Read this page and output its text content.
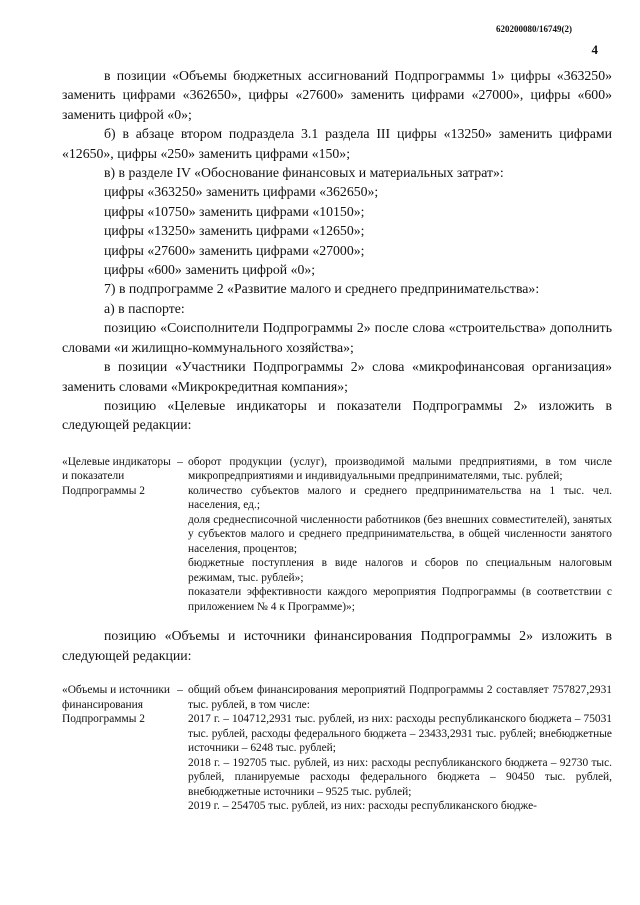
620200080/16749(2)
4

в позиции «Объемы бюджетных ассигнований Подпрограммы 1» цифры «363250» заменить цифрами «362650», цифры «27600» заменить цифрами «27000», цифры «600» заменить цифрой «0»;

б) в абзаце втором подраздела 3.1 раздела III цифры «13250» заменить цифрами «12650», цифры «250» заменить цифрами «150»;

в) в разделе IV «Обоснование финансовых и материальных затрат»:

цифры «363250» заменить цифрами «362650»;

цифры «10750» заменить цифрами «10150»;

цифры «13250» заменить цифрами «12650»;

цифры «27600» заменить цифрами «27000»;

цифры «600» заменить цифрой «0»;

7) в подпрограмме 2 «Развитие малого и среднего предпринимательства»:

а) в паспорте:

позицию «Соисполнители Подпрограммы 2» после слова «строительства» дополнить словами «и жилищно-коммунального хозяйства»;

в позиции «Участники Подпрограммы 2» слова «микрофинансовая организация» заменить словами «Микрокредитная компания»;

позицию «Целевые индикаторы и показатели Подпрограммы 2» изложить в следующей редакции:

«Целевые индикаторы и показатели Подпрограммы 2
– оборот продукции (услуг), производимой малыми предприятиями, в том числе микропредприятиями и индивидуальными предпринимателями, тыс. рублей;
количество субъектов малого и среднего предпринимательства на 1 тыс. чел. населения, ед.;
доля среднесписочной численности работников (без внешних совместителей), занятых у субъектов малого и среднего предпринимательства, в общей численности занятого населения, процентов;
бюджетные поступления в виде налогов и сборов по специальным налоговым режимам, тыс. рублей»;
показатели эффективности каждого мероприятия Подпрограммы (в соответствии с приложением № 4 к Программе)»;

позицию «Объемы и источники финансирования Подпрограммы 2» изложить в следующей редакции:

«Объемы и источники финансирования Подпрограммы 2
– общий объем финансирования мероприятий Подпрограммы 2 составляет 757827,2931 тыс. рублей, в том числе:
2017 г. – 104712,2931 тыс. рублей, из них: расходы республиканского бюджета – 75031 тыс. рублей, расходы федерального бюджета – 23433,2931 тыс. рублей; внебюджетные источники – 6248 тыс. рублей;
2018 г. – 192705 тыс. рублей, из них: расходы республиканского бюджета – 92730 тыс. рублей, планируемые расходы федерального бюджета – 90450 тыс. рублей, внебюджетные источники – 9525 тыс. рублей;
2019 г. – 254705 тыс. рублей, из них: расходы республиканского бюдже-
